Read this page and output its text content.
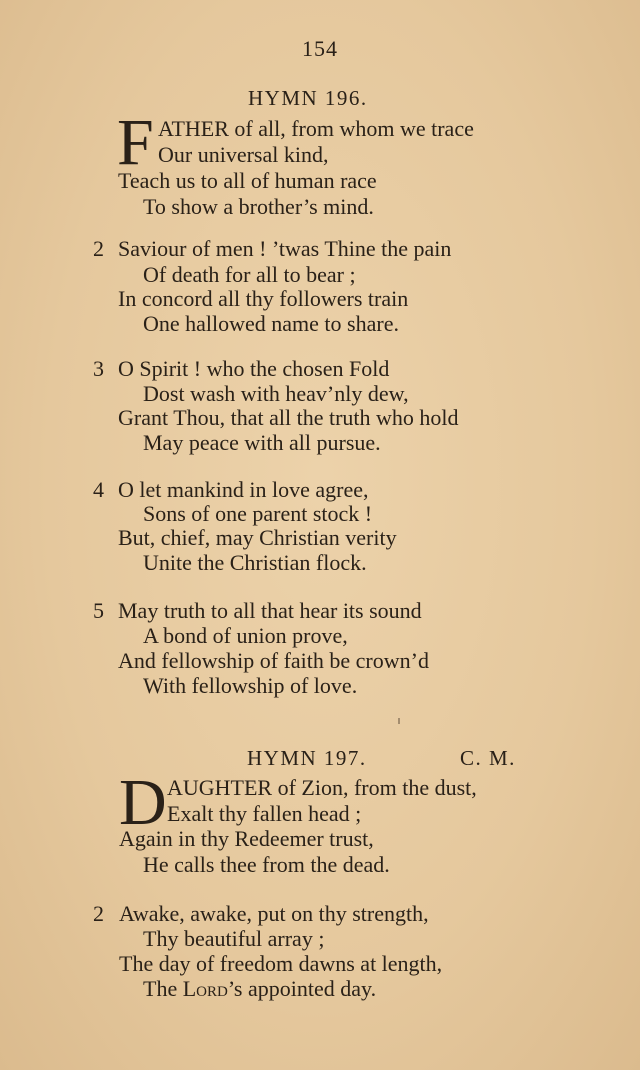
154
HYMN 196.
F ATHER of all, from whom we trace
Our universal kind,
Teach us to all of human race
To show a brother’s mind.
2 Saviour of men ! ’twas Thine the pain
Of death for all to bear ;
In concord all thy followers train
One hallowed name to share.
3 O Spirit ! who the chosen Fold
Dost wash with heav’nly dew,
Grant Thou, that all the truth who hold
May peace with all pursue.
4 O let mankind in love agree,
Sons of one parent stock !
But, chief, may Christian verity
Unite the Christian flock.
5 May truth to all that hear its sound
A bond of union prove,
And fellowship of faith be crown’d
With fellowship of love.
HYMN 197.	C. M.
D AUGHTER of Zion, from the dust,
Exalt thy fallen head ;
Again in thy Redeemer trust,
He calls thee from the dead.
2 Awake, awake, put on thy strength,
Thy beautiful array ;
The day of freedom dawns at length,
The Lord’s appointed day.
